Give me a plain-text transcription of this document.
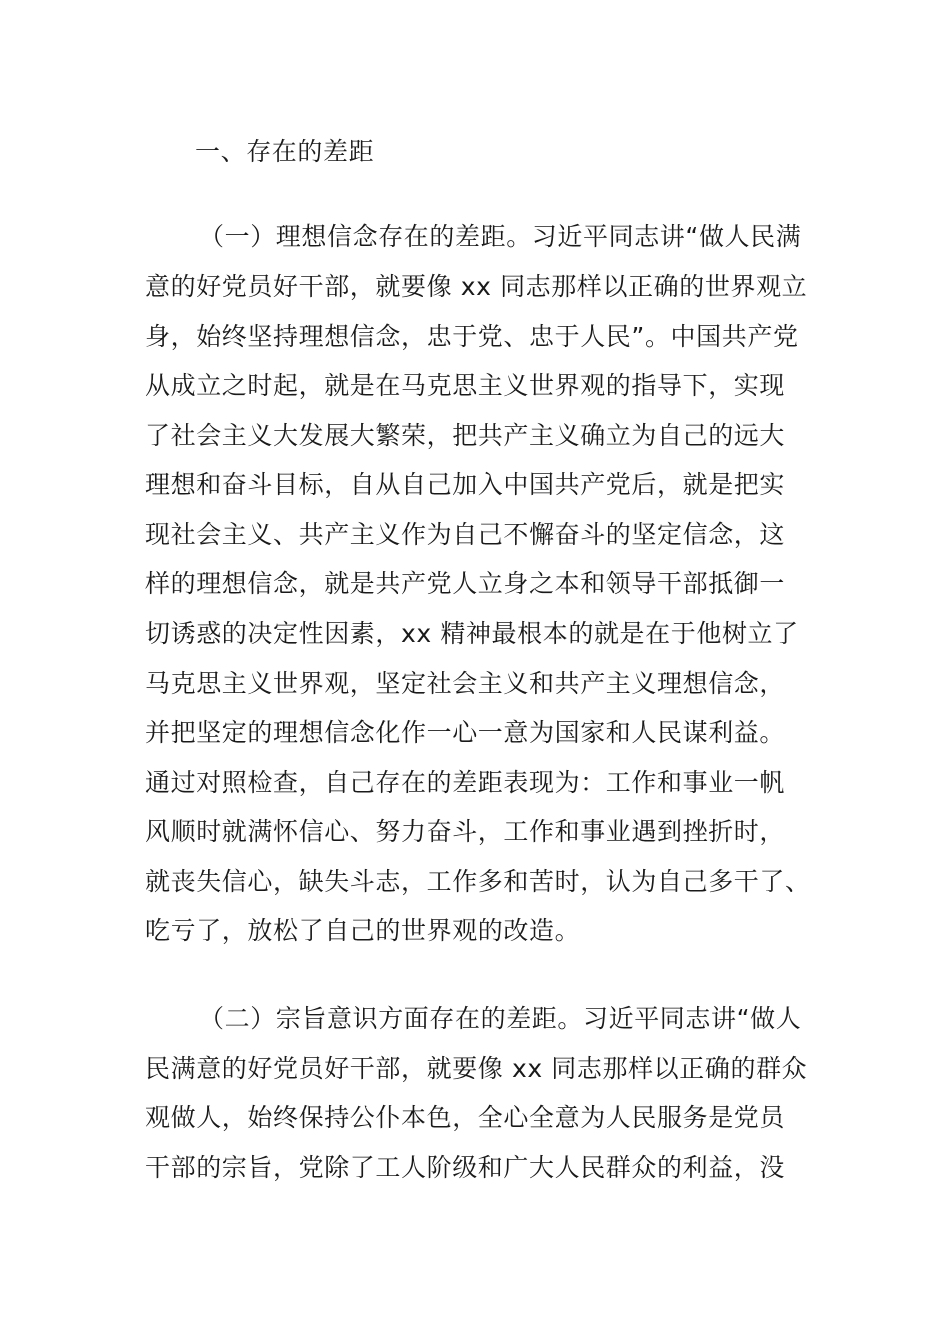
一、存在的差距
（一）理想信念存在的差距。习近平同志讲“做人民满
意的好党员好干部，就要像 xx 同志那样以正确的世界观立
身，始终坚持理想信念，忠于党、忠于人民”。中国共产党
从成立之时起，就是在马克思主义世界观的指导下，实现
了社会主义大发展大繁荣，把共产主义确立为自己的远大
理想和奋斗目标，自从自己加入中国共产党后，就是把实
现社会主义、共产主义作为自己不懈奋斗的坚定信念，这
样的理想信念，就是共产党人立身之本和领导干部抵御一
切诱惑的决定性因素，xx 精神最根本的就是在于他树立了
马克思主义世界观，坚定社会主义和共产主义理想信念，
并把坚定的理想信念化作一心一意为国家和人民谋利益。
通过对照检查，自己存在的差距表现为：工作和事业一帆
风顺时就满怀信心、努力奋斗，工作和事业遇到挫折时，
就丧失信心，缺失斗志，工作多和苦时，认为自己多干了、
吃亏了，放松了自己的世界观的改造。
（二）宗旨意识方面存在的差距。习近平同志讲“做人
民满意的好党员好干部，就要像 xx 同志那样以正确的群众
观做人，始终保持公仆本色，全心全意为人民服务是党员
干部的宗旨，党除了工人阶级和广大人民群众的利益，没
